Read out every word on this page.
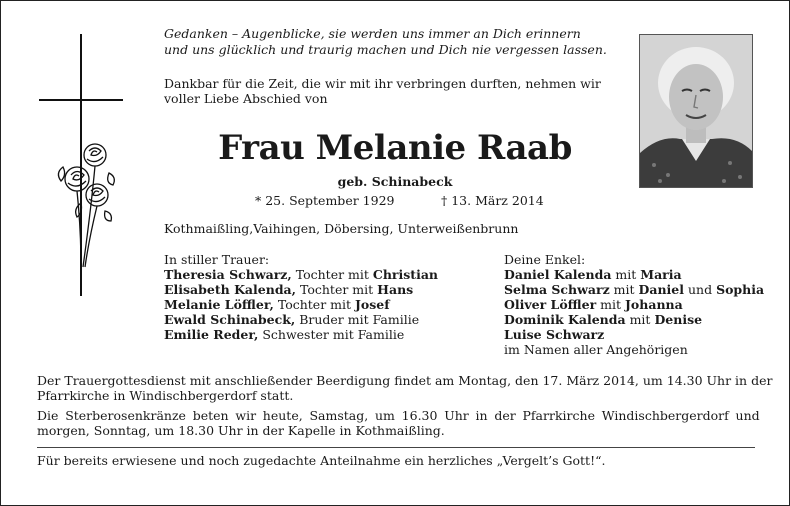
Gedanken – Augenblicke, sie werden uns immer an Dich erinnern
und uns glücklich und traurig machen und Dich nie vergessen lassen.
Dankbar für die Zeit, die wir mit ihr verbringen durften, nehmen wir
voller Liebe Abschied von
Frau Melanie Raab
geb. Schinabeck
* 25. September 1929	† 13. März 2014
Kothmaißling,Vaihingen, Döbersing, Unterweißenbrunn
In stiller Trauer:
Theresia Schwarz, Tochter mit Christian
Elisabeth Kalenda, Tochter mit Hans
Melanie Löffler, Tochter mit Josef
Ewald Schinabeck, Bruder mit Familie
Emilie Reder, Schwester mit Familie
Deine Enkel:
Daniel Kalenda mit Maria
Selma Schwarz mit Daniel und Sophia
Oliver Löffler mit Johanna
Dominik Kalenda mit Denise
Luise Schwarz
im Namen aller Angehörigen
Der Trauergottesdienst mit anschließender Beerdigung findet am Montag, den 17. März 2014, um 14.30 Uhr in der
Pfarrkirche in Windischbergerdorf statt.
Die Sterberosenkränze beten wir heute, Samstag, um 16.30 Uhr in der Pfarrkirche Windischbergerdorf und
morgen, Sonntag, um 18.30 Uhr in der Kapelle in Kothmaißling.
Für bereits erwiesene und noch zugedachte Anteilnahme ein herzliches „Vergelt’s Gott!“.
